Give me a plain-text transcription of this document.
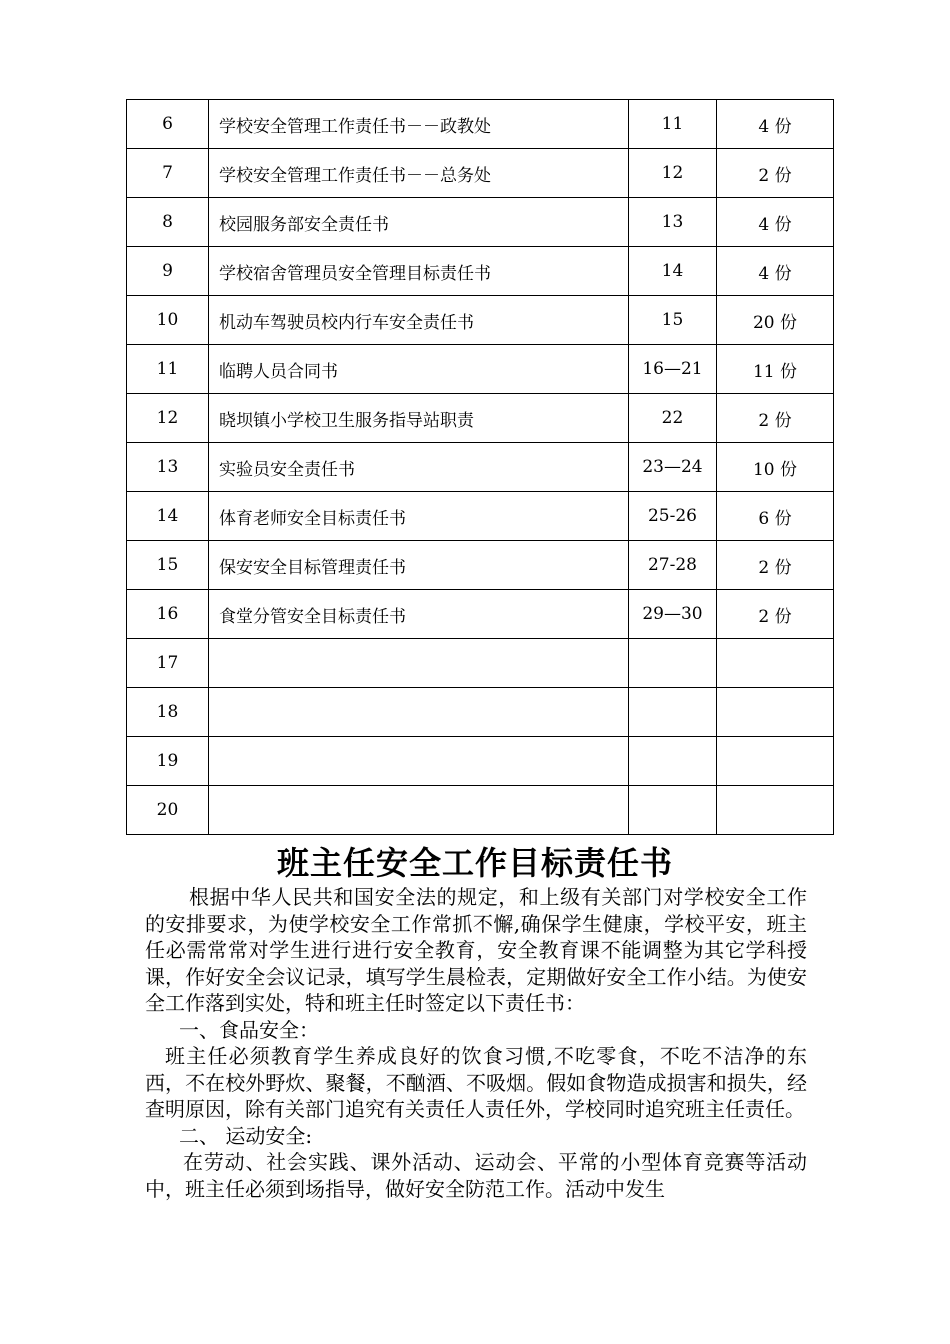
6	学校安全管理工作责任书－－政教处	11	4 份
7	学校安全管理工作责任书－－总务处	12	2 份
8	校园服务部安全责任书	13	4 份
9	学校宿舍管理员安全管理目标责任书	14	4 份
10	机动车驾驶员校内行车安全责任书	15	20 份
11	临聘人员合同书	16—21	11 份
12	晓坝镇小学校卫生服务指导站职责	22	2 份
13	实验员安全责任书	23—24	10 份
14	体育老师安全目标责任书	25-26	6 份
15	保安安全目标管理责任书	27-28	2 份
16	食堂分管安全目标责任书	29—30	2 份
17			
18			
19			
20			
班主任安全工作目标责任书

根据中华人民共和国安全法的规定，和上级有关部门对学校安全工作的安排要求，为使学校安全工作常抓不懈,确保学生健康，学校平安，班主任必需常常对学生进行进行安全教育，安全教育课不能调整为其它学科授课，作好安全会议记录，填写学生晨检表，定期做好安全工作小结。为使安全工作落到实处，特和班主任时签定以下责任书：

一、食品安全：

班主任必须教育学生养成良好的饮食习惯,不吃零食，不吃不洁净的东西，不在校外野炊、聚餐，不酗酒、不吸烟。假如食物造成损害和损失，经查明原因，除有关部门追究有关责任人责任外，学校同时追究班主任责任。

二、 运动安全:

在劳动、社会实践、课外活动、运动会、平常的小型体育竞赛等活动中，班主任必须到场指导，做好安全防范工作。活动中发生
